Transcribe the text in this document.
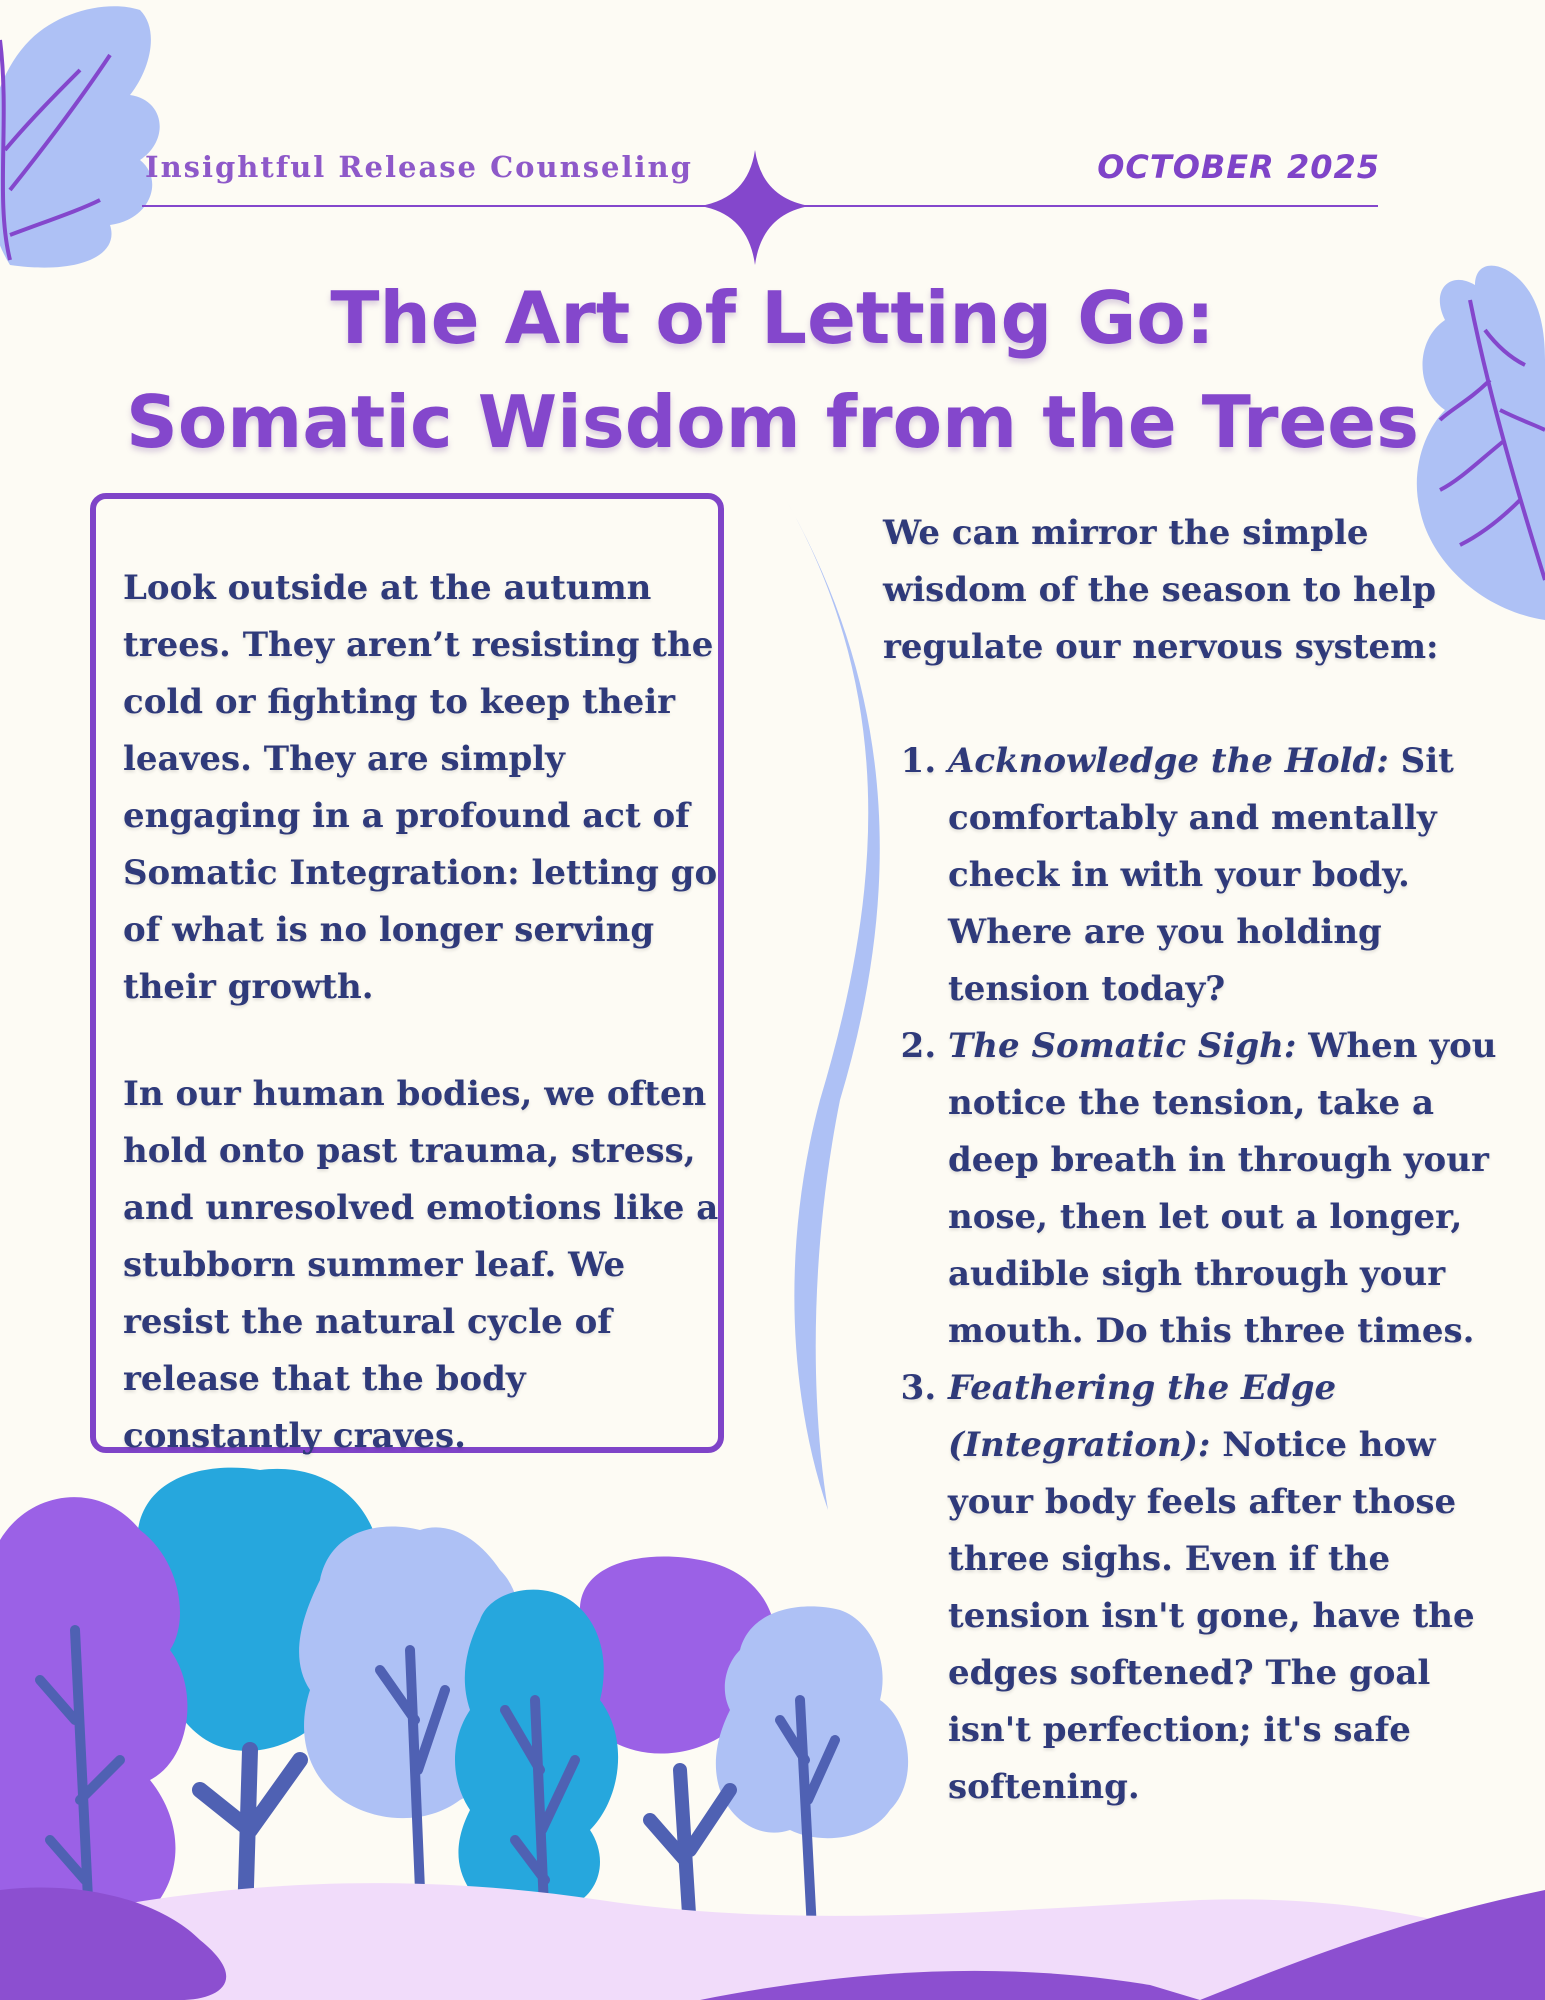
Insightful Release Counseling	OCTOBER 2025
The Art of Letting Go:
Somatic Wisdom from the Trees

Look outside at the autumn trees. They aren’t resisting the cold or fighting to keep their leaves. They are simply engaging in a profound act of Somatic Integration: letting go of what is no longer serving their growth.

In our human bodies, we often hold onto past trauma, stress, and unresolved emotions like a stubborn summer leaf. We resist the natural cycle of release that the body constantly craves.

We can mirror the simple wisdom of the season to help regulate our nervous system:

1. Acknowledge the Hold: Sit comfortably and mentally check in with your body. Where are you holding tension today?
2. The Somatic Sigh: When you notice the tension, take a deep breath in through your nose, then let out a longer, audible sigh through your mouth. Do this three times.
3. Feathering the Edge (Integration): Notice how your body feels after those three sighs. Even if the tension isn't gone, have the edges softened? The goal isn't perfection; it's safe softening.
